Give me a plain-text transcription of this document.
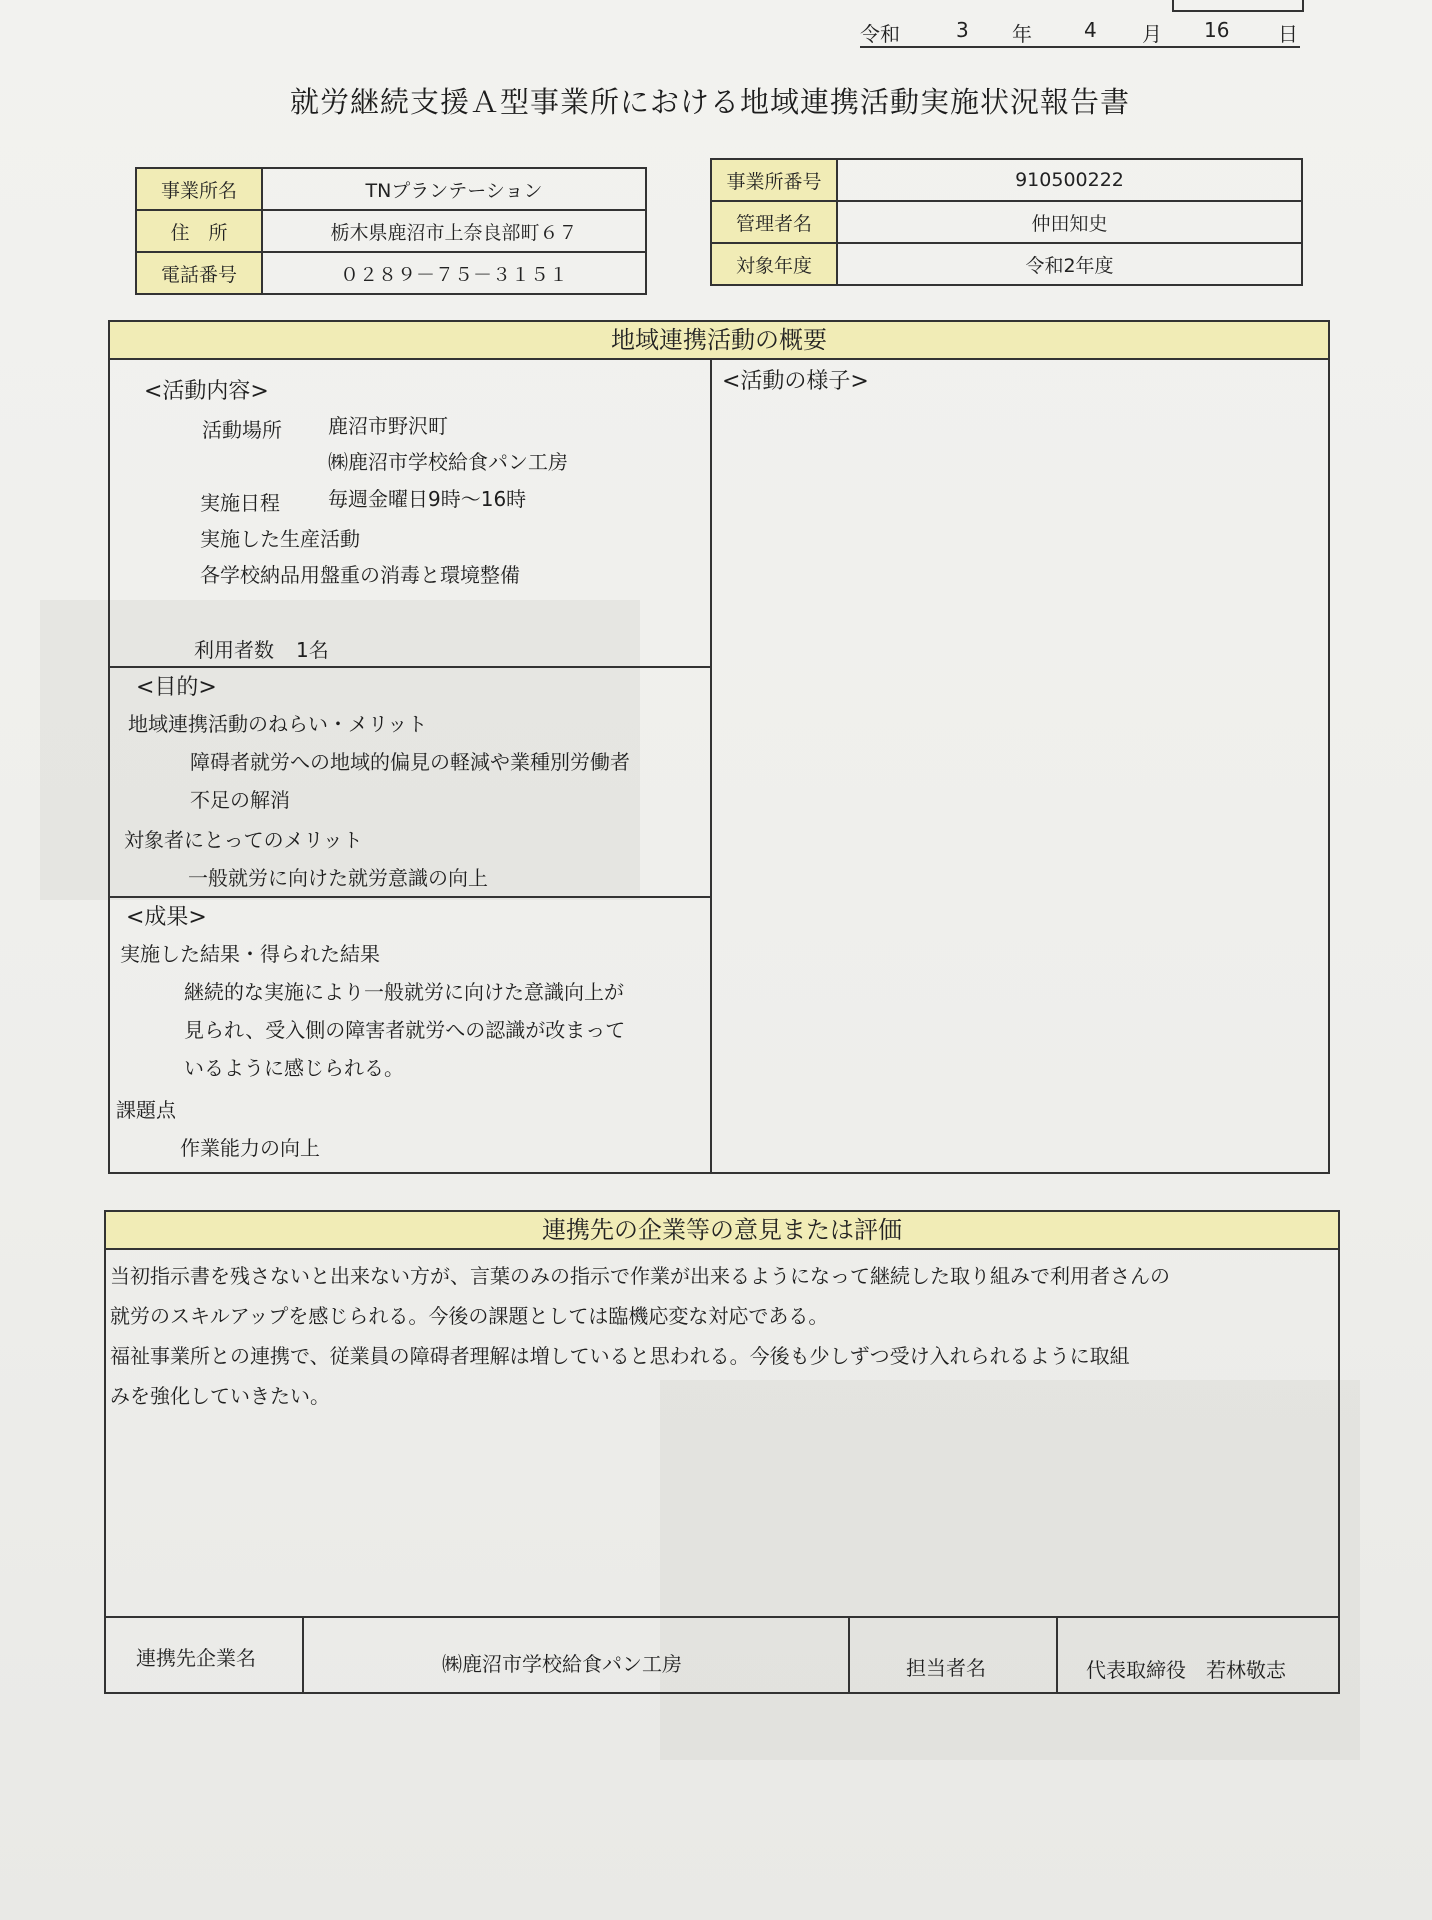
令和	3 年	4 月 16 日
就労継続支援Ａ型事業所における地域連携活動実施状況報告書
事業所名	TNプランテーション
住　所	栃木県鹿沼市上奈良部町６７
電話番号	０２８９－７５－３１５１
事業所番号	910500222
管理者名	仲田知史
対象年度	令和2年度
地域連携活動の概要
<活動内容>
活動場所 鹿沼市野沢町
㈱鹿沼市学校給食パン工房
実施日程 毎週金曜日9時～16時
実施した生産活動
各学校納品用盤重の消毒と環境整備
利用者数 1名
<活動の様子>
<目的>
地域連携活動のねらい・メリット
障碍者就労への地域的偏見の軽減や業種別労働者
不足の解消
対象者にとってのメリット
一般就労に向けた就労意識の向上
<成果>
実施した結果・得られた結果
継続的な実施により一般就労に向けた意識向上が
見られ、受入側の障害者就労への認識が改まって
いるように感じられる。
課題点
作業能力の向上
連携先の企業等の意見または評価
当初指示書を残さないと出来ない方が、言葉のみの指示で作業が出来るようになって継続した取り組みで利用者さんの
就労のスキルアップを感じられる。今後の課題としては臨機応変な対応である。
福祉事業所との連携で、従業員の障碍者理解は増していると思われる。今後も少しずつ受け入れられるように取組
みを強化していきたい。
連携先企業名	㈱鹿沼市学校給食パン工房	担当者名	代表取締役　若林敬志
